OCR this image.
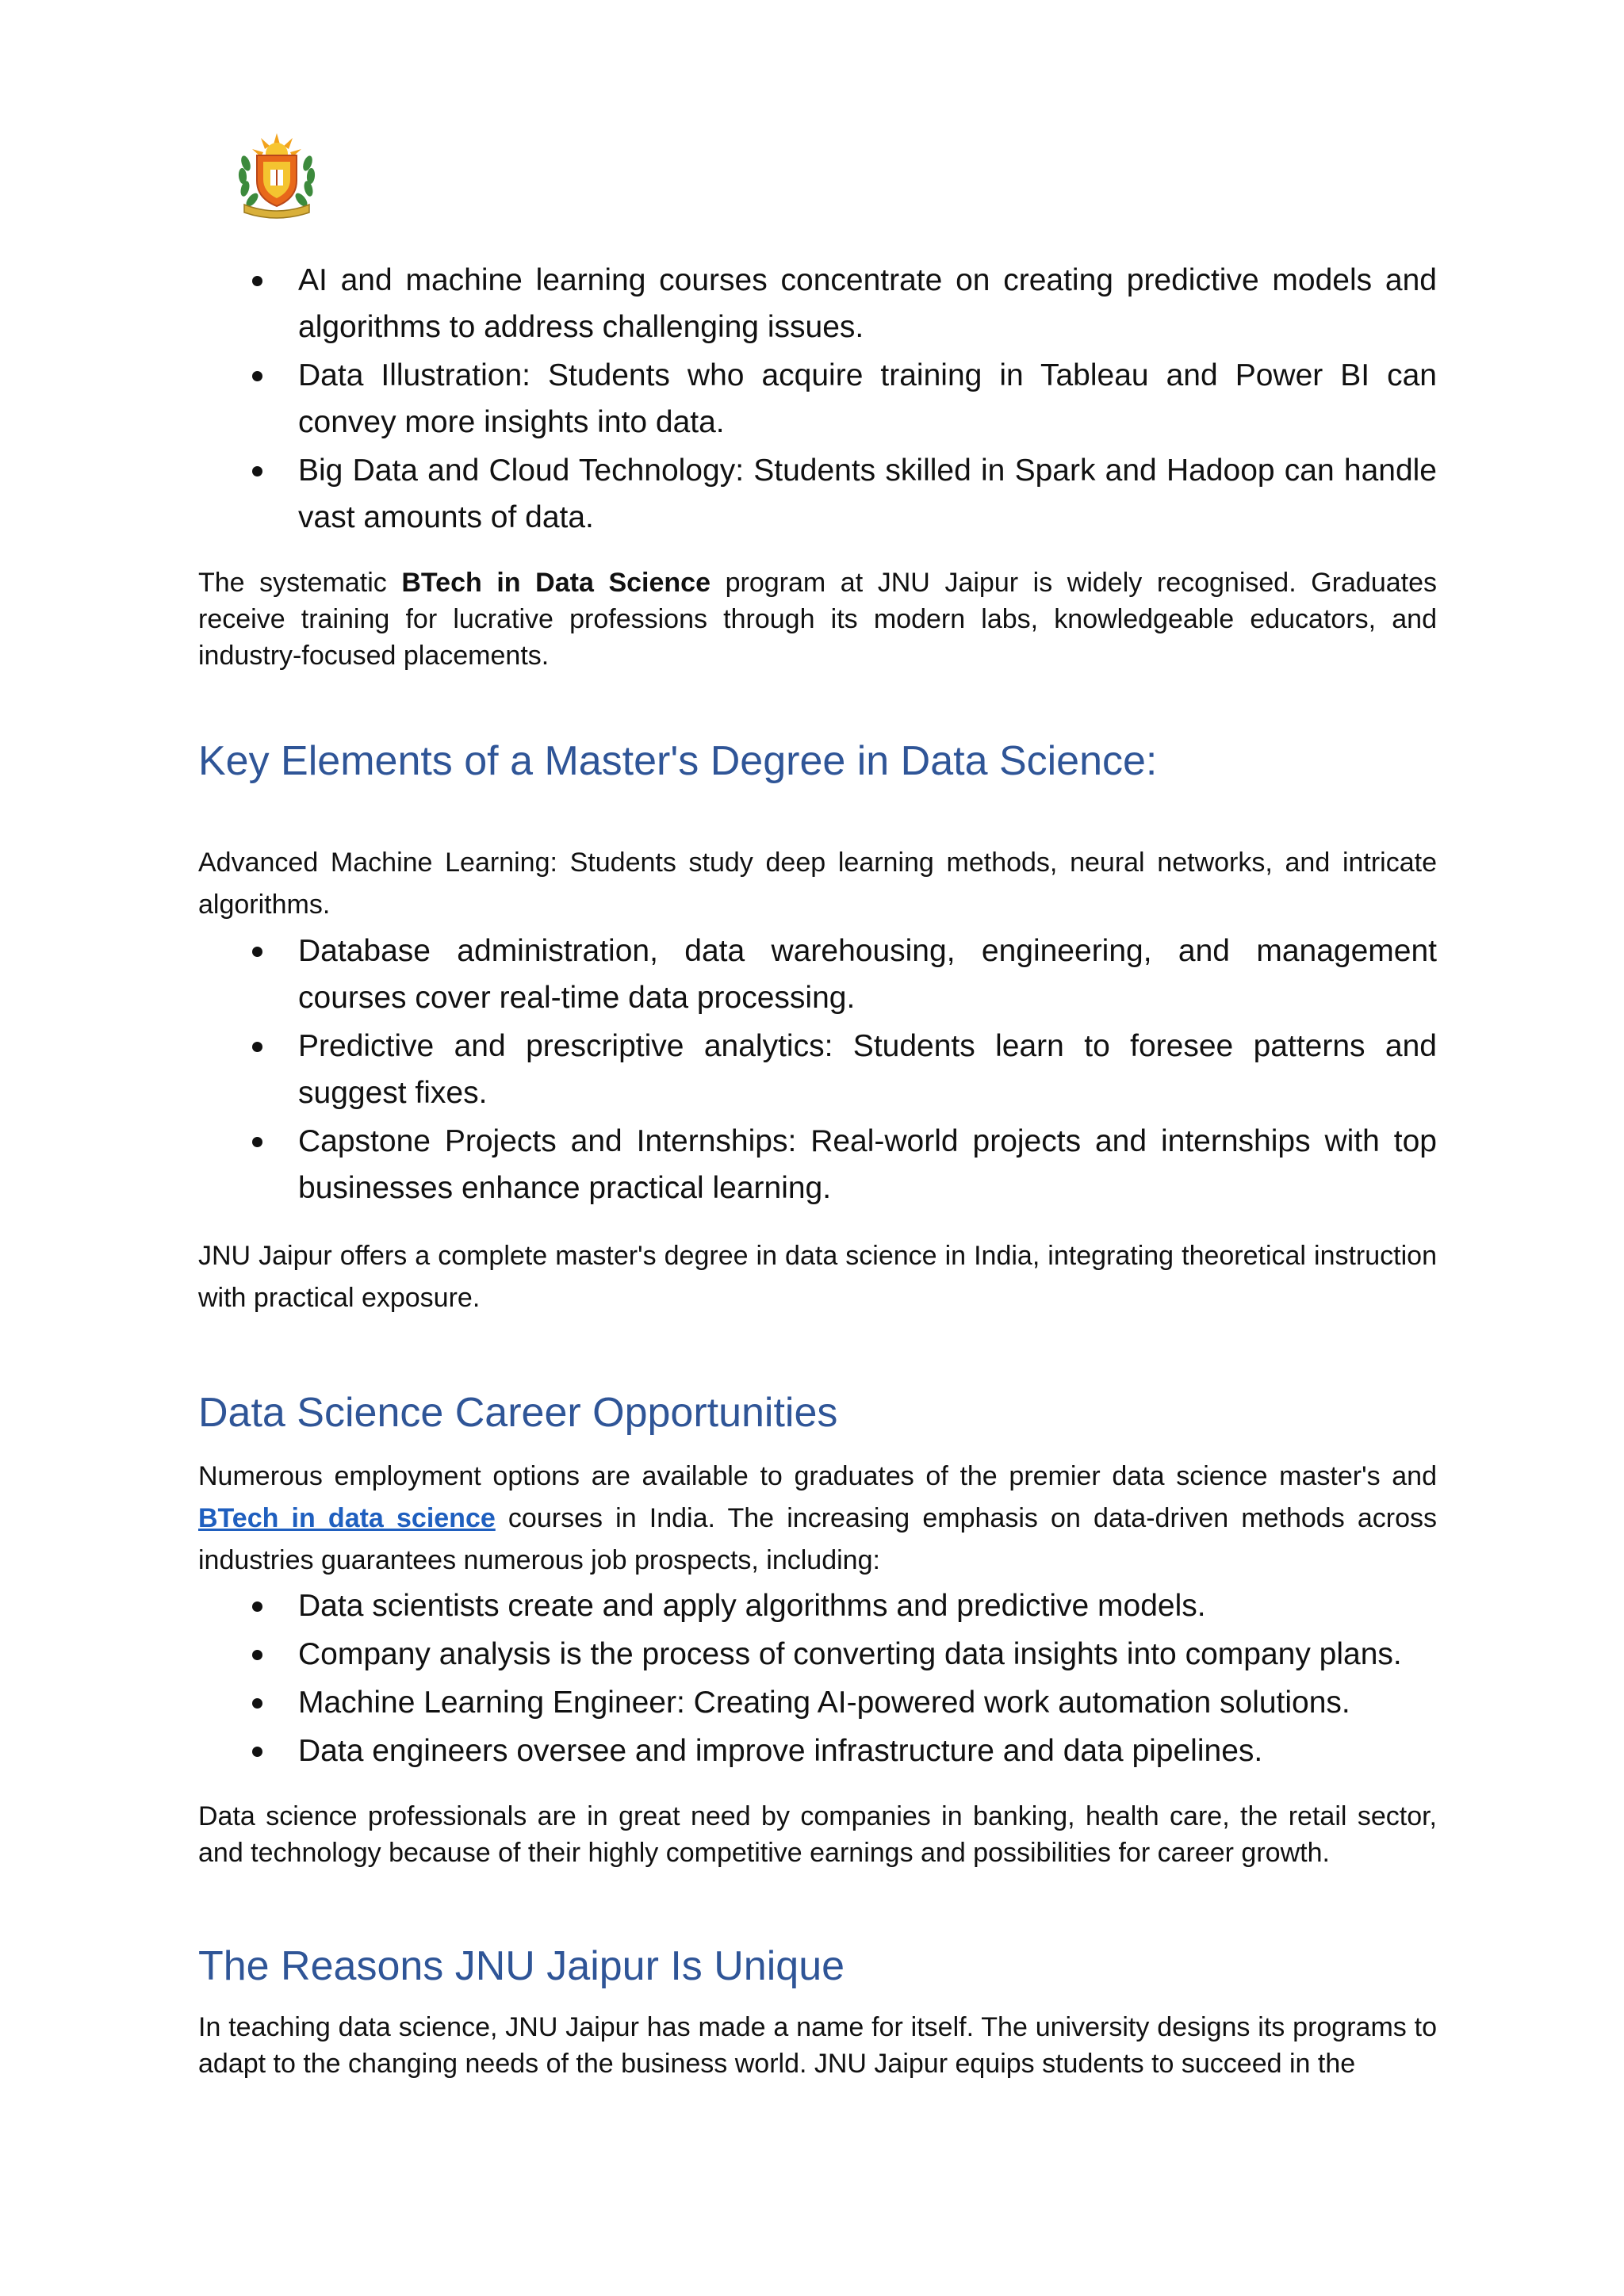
AI and machine learning courses concentrate on creating predictive models and algorithms to address challenging issues.
Data Illustration: Students who acquire training in Tableau and Power BI can convey more insights into data.
Big Data and Cloud Technology: Students skilled in Spark and Hadoop can handle vast amounts of data.

The systematic BTech in Data Science program at JNU Jaipur is widely recognised. Graduates receive training for lucrative professions through its modern labs, knowledgeable educators, and industry-focused placements.

Key Elements of a Master's Degree in Data Science:

Advanced Machine Learning: Students study deep learning methods, neural networks, and intricate algorithms.

Database administration, data warehousing, engineering, and management courses cover real-time data processing.
Predictive and prescriptive analytics: Students learn to foresee patterns and suggest fixes.
Capstone Projects and Internships: Real-world projects and internships with top businesses enhance practical learning.

JNU Jaipur offers a complete master's degree in data science in India, integrating theoretical instruction with practical exposure.

Data Science Career Opportunities

Numerous employment options are available to graduates of the premier data science master's and BTech in data science courses in India. The increasing emphasis on data-driven methods across industries guarantees numerous job prospects, including:

Data scientists create and apply algorithms and predictive models.
Company analysis is the process of converting data insights into company plans.
Machine Learning Engineer: Creating AI-powered work automation solutions.
Data engineers oversee and improve infrastructure and data pipelines.

Data science professionals are in great need by companies in banking, health care, the retail sector, and technology because of their highly competitive earnings and possibilities for career growth.

The Reasons JNU Jaipur Is Unique

In teaching data science, JNU Jaipur has made a name for itself. The university designs its programs to adapt to the changing needs of the business world. JNU Jaipur equips students to succeed in the
